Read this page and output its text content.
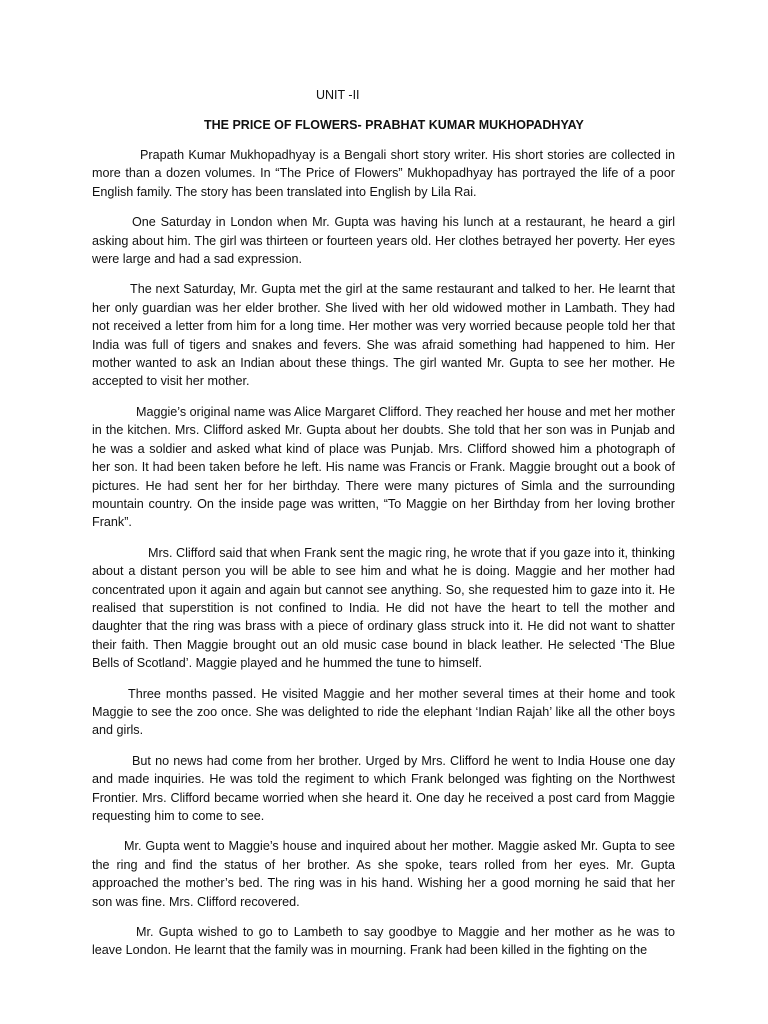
UNIT -II
THE PRICE OF FLOWERS- PRABHAT KUMAR MUKHOPADHYAY

Prapath Kumar Mukhopadhyay is a Bengali short story writer. His short stories are collected in more than a dozen volumes. In “The Price of Flowers” Mukhopadhyay has portrayed the life of a poor English family. The story has been translated into English by Lila Rai.

One Saturday in London when Mr. Gupta was having his lunch at a restaurant, he heard a girl asking about him. The girl was thirteen or fourteen years old. Her clothes betrayed her poverty. Her eyes were large and had a sad expression.

The next Saturday, Mr. Gupta met the girl at the same restaurant and talked to her. He learnt that her only guardian was her elder brother. She lived with her old widowed mother in Lambath. They had not received a letter from him for a long time. Her mother was very worried because people told her that India was full of tigers and snakes and fevers. She was afraid something had happened to him. Her mother wanted to ask an Indian about these things. The girl wanted Mr. Gupta to see her mother. He accepted to visit her mother.

Maggie’s original name was Alice Margaret Clifford. They reached her house and met her mother in the kitchen. Mrs. Clifford asked Mr. Gupta about her doubts. She told that her son was in Punjab and he was a soldier and asked what kind of place was Punjab. Mrs. Clifford showed him a photograph of her son. It had been taken before he left. His name was Francis or Frank. Maggie brought out a book of pictures. He had sent her for her birthday. There were many pictures of Simla and the surrounding mountain country. On the inside page was written, “To Maggie on her Birthday from her loving brother Frank”.

Mrs. Clifford said that when Frank sent the magic ring, he wrote that if you gaze into it, thinking about a distant person you will be able to see him and what he is doing. Maggie and her mother had concentrated upon it again and again but cannot see anything. So, she requested him to gaze into it. He realised that superstition is not confined to India. He did not have the heart to tell the mother and daughter that the ring was brass with a piece of ordinary glass struck into it. He did not want to shatter their faith. Then Maggie brought out an old music case bound in black leather. He selected ‘The Blue Bells of Scotland’. Maggie played and he hummed the tune to himself.

Three months passed. He visited Maggie and her mother several times at their home and took Maggie to see the zoo once. She was delighted to ride the elephant ‘Indian Rajah’ like all the other boys and girls.

But no news had come from her brother. Urged by Mrs. Clifford he went to India House one day and made inquiries. He was told the regiment to which Frank belonged was fighting on the Northwest Frontier. Mrs. Clifford became worried when she heard it. One day he received a post card from Maggie requesting him to come to see.

Mr. Gupta went to Maggie’s house and inquired about her mother. Maggie asked Mr. Gupta to see the ring and find the status of her brother. As she spoke, tears rolled from her eyes. Mr. Gupta approached the mother’s bed. The ring was in his hand. Wishing her a good morning he said that her son was fine. Mrs. Clifford recovered.

Mr. Gupta wished to go to Lambeth to say goodbye to Maggie and her mother as he was to leave London. He learnt that the family was in mourning. Frank had been killed in the fighting on the
